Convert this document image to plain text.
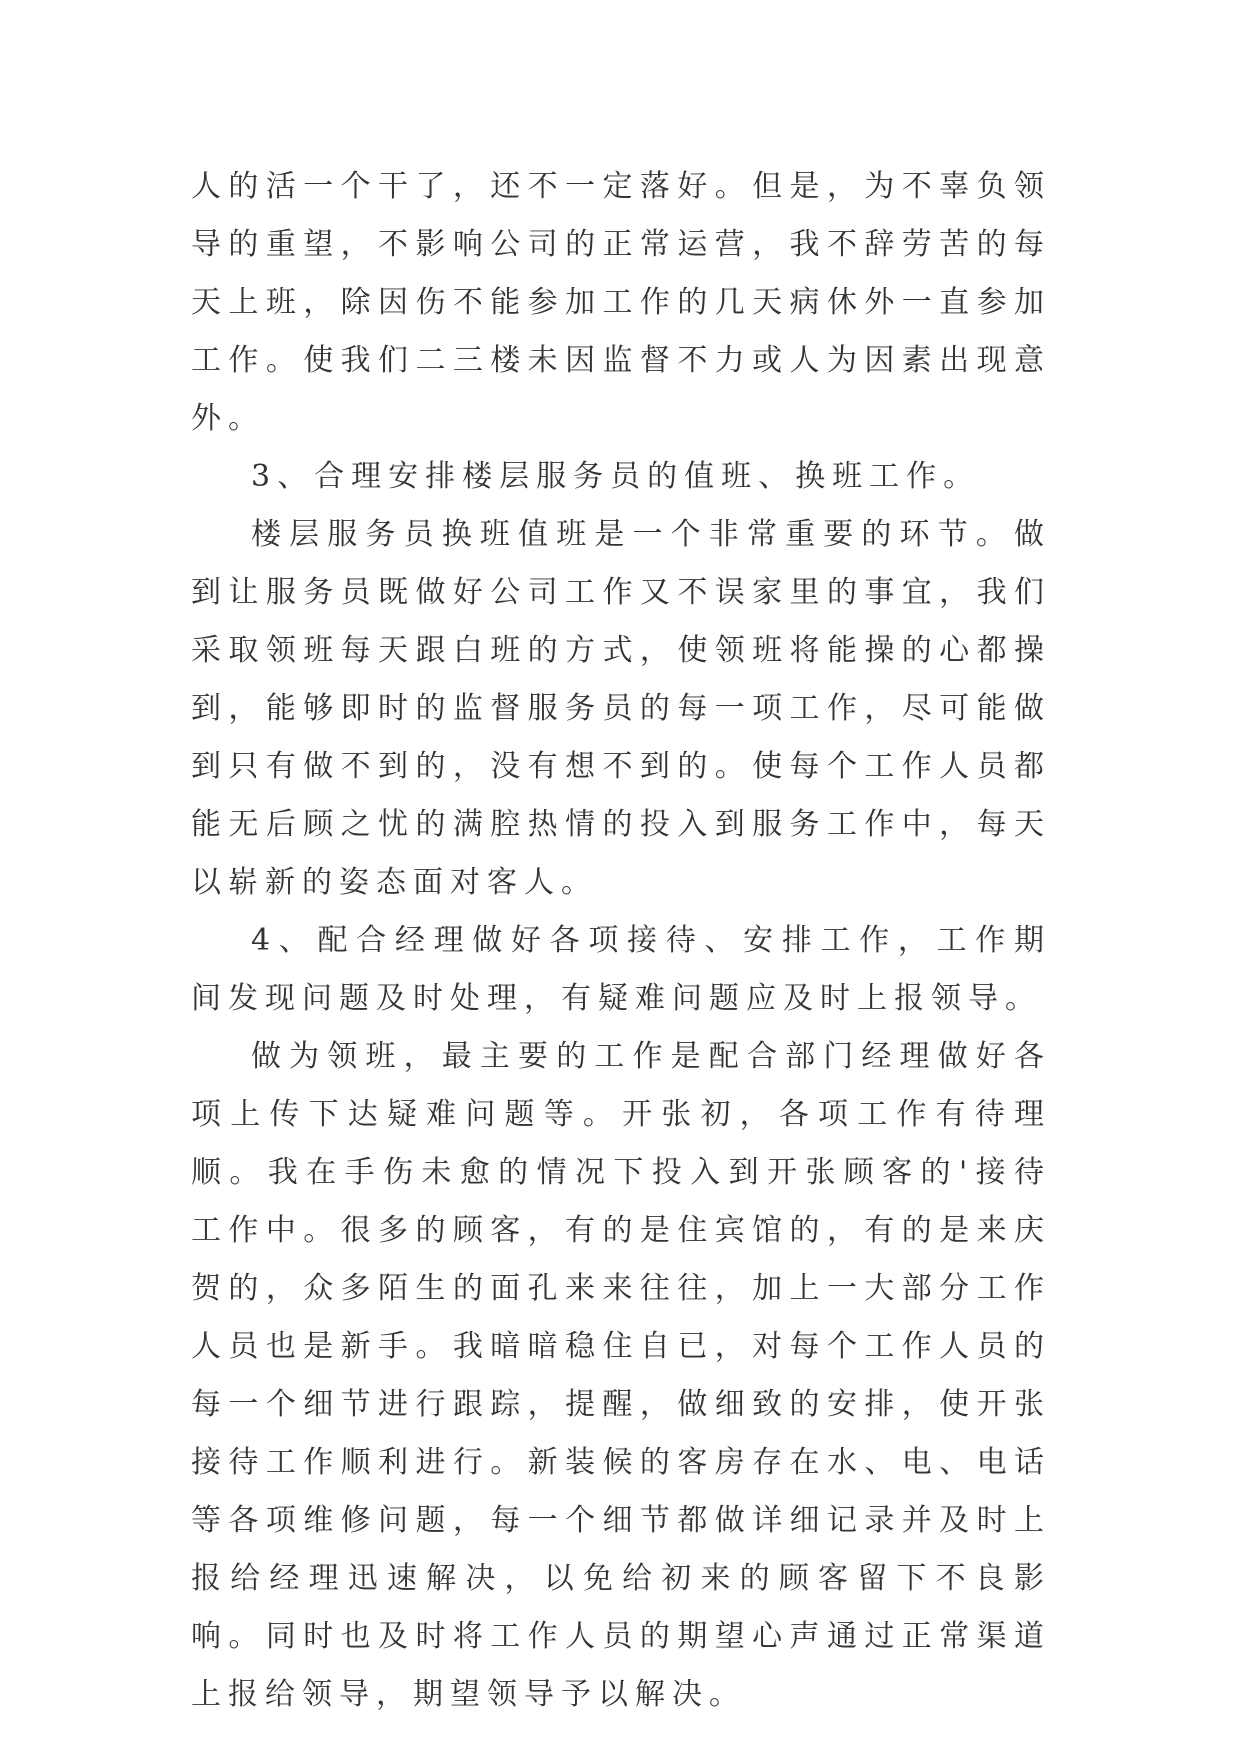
人的活一个干了，还不一定落好。但是，为不辜负领导的重望，不影响公司的正常运营，我不辞劳苦的每天上班，除因伤不能参加工作的几天病休外一直参加工作。使我们二三楼未因监督不力或人为因素出现意外。

3、合理安排楼层服务员的值班、换班工作。

楼层服务员换班值班是一个非常重要的环节。做到让服务员既做好公司工作又不误家里的事宜，我们采取领班每天跟白班的方式，使领班将能操的心都操到，能够即时的监督服务员的每一项工作，尽可能做到只有做不到的，没有想不到的。使每个工作人员都能无后顾之忧的满腔热情的投入到服务工作中，每天以崭新的姿态面对客人。

4、配合经理做好各项接待、安排工作，工作期间发现问题及时处理，有疑难问题应及时上报领导。

做为领班，最主要的工作是配合部门经理做好各项上传下达疑难问题等。开张初，各项工作有待理顺。我在手伤未愈的情况下投入到开张顾客的'接待工作中。很多的顾客，有的是住宾馆的，有的是来庆贺的，众多陌生的面孔来来往往，加上一大部分工作人员也是新手。我暗暗稳住自已，对每个工作人员的每一个细节进行跟踪，提醒，做细致的安排，使开张接待工作顺利进行。新装候的客房存在水、电、电话等各项维修问题，每一个细节都做详细记录并及时上报给经理迅速解决，以免给初来的顾客留下不良影响。同时也及时将工作人员的期望心声通过正常渠道上报给领导，期望领导予以解决。
